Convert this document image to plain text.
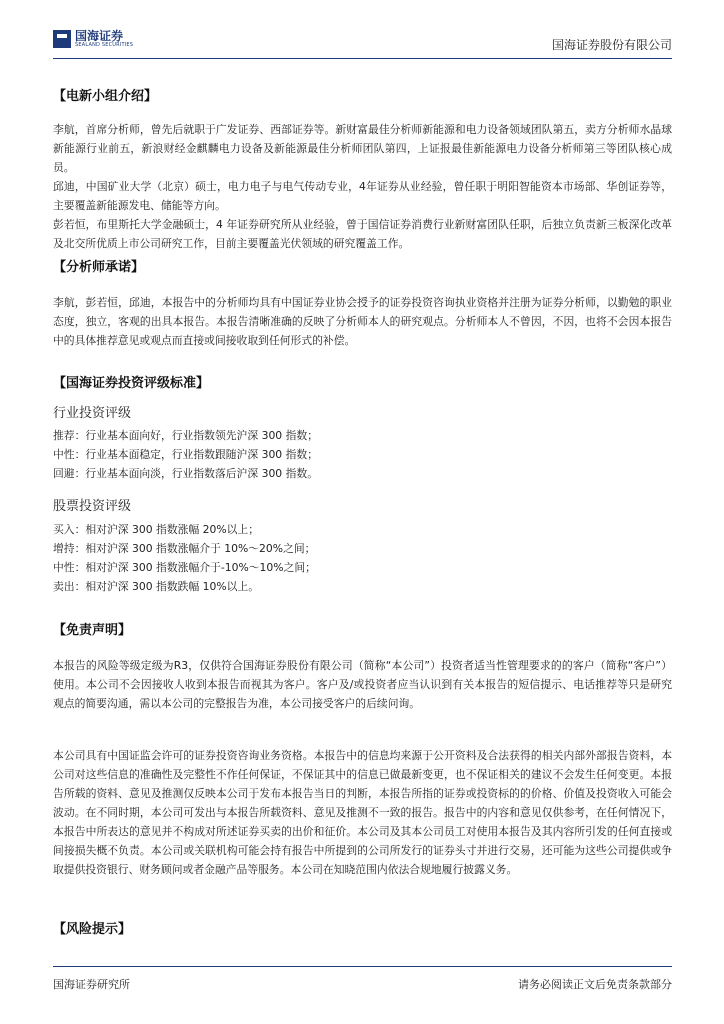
国海证券
SEALAND SECURITIES	国海证券股份有限公司
【电新小组介绍】

李航，首席分析师，曾先后就职于广发证券、西部证券等。新财富最佳分析师新能源和电力设备领域团队第五，卖方分析师水晶球新能源行业前五，新浪财经金麒麟电力设备及新能源最佳分析师团队第四，上证报最佳新能源电力设备分析师第三等团队核心成员。

邱迪，中国矿业大学（北京）硕士，电力电子与电气传动专业，4年证券从业经验，曾任职于明阳智能资本市场部、华创证券等，主要覆盖新能源发电、储能等方向。

彭若恒，布里斯托大学金融硕士，4 年证券研究所从业经验，曾于国信证券消费行业新财富团队任职，后独立负责新三板深化改革及北交所优质上市公司研究工作，目前主要覆盖光伏领域的研究覆盖工作。

【分析师承诺】
李航，彭若恒，邱迪，本报告中的分析师均具有中国证券业协会授予的证券投资咨询执业资格并注册为证券分析师，以勤勉的职业态度，独立，客观的出具本报告。本报告清晰准确的反映了分析师本人的研究观点。分析师本人不曾因，不因，也将不会因本报告中的具体推荐意见或观点而直接或间接收取到任何形式的补偿。
【国海证券投资评级标准】
行业投资评级
推荐：行业基本面向好，行业指数领先沪深 300 指数；
中性：行业基本面稳定，行业指数跟随沪深 300 指数；
回避：行业基本面向淡，行业指数落后沪深 300 指数。
股票投资评级
买入：相对沪深 300 指数涨幅 20%以上；
增持：相对沪深 300 指数涨幅介于 10%～20%之间；
中性：相对沪深 300 指数涨幅介于-10%～10%之间；
卖出：相对沪深 300 指数跌幅 10%以上。
【免责声明】
本报告的风险等级定级为R3，仅供符合国海证券股份有限公司（简称“本公司”）投资者适当性管理要求的的客户（简称“客户”）使用。本公司不会因接收人收到本报告而视其为客户。客户及/或投资者应当认识到有关本报告的短信提示、电话推荐等只是研究观点的简要沟通，需以本公司的完整报告为准，本公司接受客户的后续问询。
本公司具有中国证监会许可的证券投资咨询业务资格。本报告中的信息均来源于公开资料及合法获得的相关内部外部报告资料，本公司对这些信息的准确性及完整性不作任何保证，不保证其中的信息已做最新变更，也不保证相关的建议不会发生任何变更。本报告所载的资料、意见及推测仅反映本公司于发布本报告当日的判断，本报告所指的证券或投资标的的价格、价值及投资收入可能会波动。在不同时期，本公司可发出与本报告所载资料、意见及推测不一致的报告。报告中的内容和意见仅供参考，在任何情况下，本报告中所表达的意见并不构成对所述证券买卖的出价和征价。本公司及其本公司员工对使用本报告及其内容所引发的任何直接或间接损失概不负责。本公司或关联机构可能会持有报告中所提到的公司所发行的证券头寸并进行交易，还可能为这些公司提供或争取提供投资银行、财务顾问或者金融产品等服务。本公司在知晓范围内依法合规地履行披露义务。
【风险提示】
国海证券研究所	请务必阅读正文后免责条款部分
